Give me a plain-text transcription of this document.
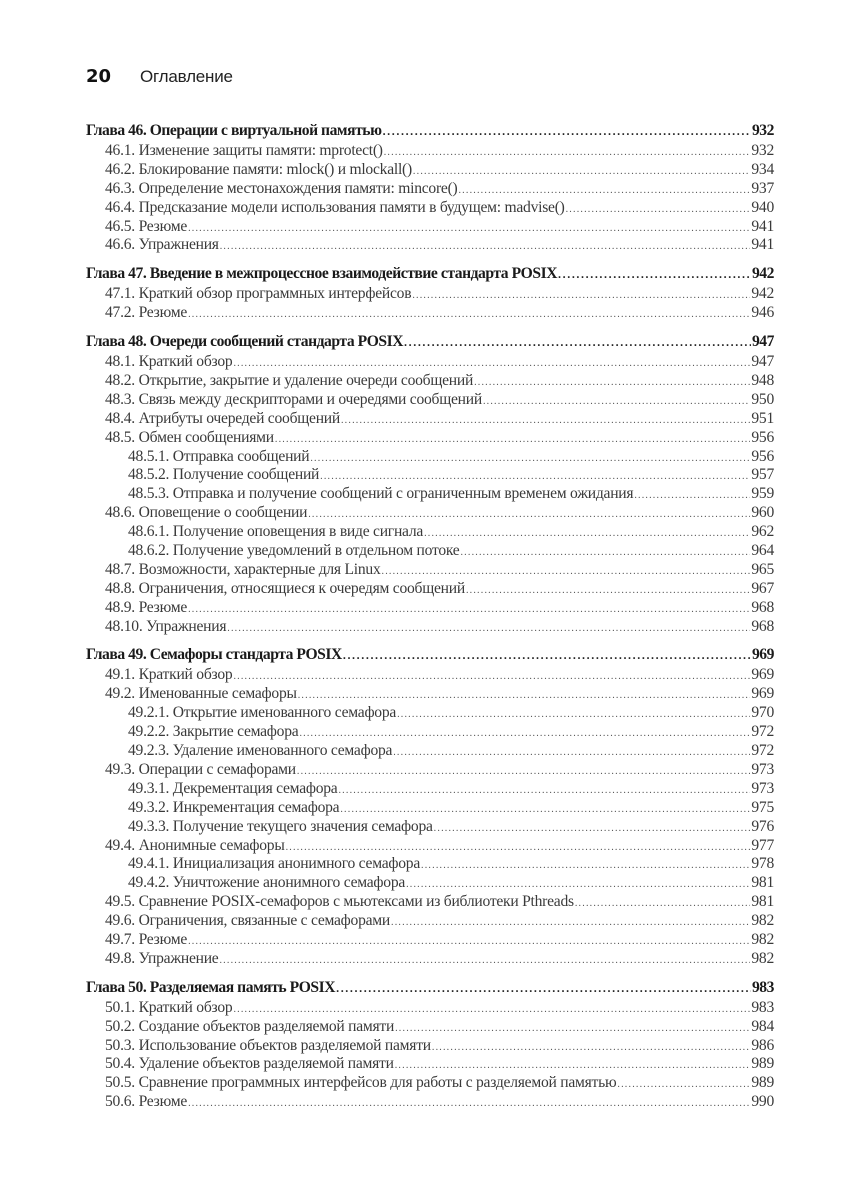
20	Оглавление
Глава 46. Операции с виртуальной памятью .....	932
46.1. Изменение защиты памяти: mprotect() .....	932
46.2. Блокирование памяти: mlock() и mlockall() .....	934
46.3. Определение местонахождения памяти: mincore() .....	937
46.4. Предсказание модели использования памяти в будущем: madvise() .....	940
46.5. Резюме .....	941
46.6. Упражнения .....	941
Глава 47. Введение в межпроцессное взаимодействие стандарта POSIX .....	942
47.1. Краткий обзор программных интерфейсов .....	942
47.2. Резюме .....	946
Глава 48. Очереди сообщений стандарта POSIX .....	947
48.1. Краткий обзор .....	947
48.2. Открытие, закрытие и удаление очереди сообщений .....	948
48.3. Связь между дескрипторами и очередями сообщений .....	950
48.4. Атрибуты очередей сообщений .....	951
48.5. Обмен сообщениями .....	956
48.5.1. Отправка сообщений .....	956
48.5.2. Получение сообщений .....	957
48.5.3. Отправка и получение сообщений с ограниченным временем ожидания .....	959
48.6. Оповещение о сообщении .....	960
48.6.1. Получение оповещения в виде сигнала .....	962
48.6.2. Получение уведомлений в отдельном потоке .....	964
48.7. Возможности, характерные для Linux .....	965
48.8. Ограничения, относящиеся к очередям сообщений .....	967
48.9. Резюме .....	968
48.10. Упражнения .....	968
Глава 49. Семафоры стандарта POSIX .....	969
49.1. Краткий обзор .....	969
49.2. Именованные семафоры .....	969
49.2.1. Открытие именованного семафора .....	970
49.2.2. Закрытие семафора .....	972
49.2.3. Удаление именованного семафора .....	972
49.3. Операции с семафорами .....	973
49.3.1. Декрементация семафора .....	973
49.3.2. Инкрементация семафора .....	975
49.3.3. Получение текущего значения семафора .....	976
49.4. Анонимные семафоры .....	977
49.4.1. Инициализация анонимного семафора .....	978
49.4.2. Уничтожение анонимного семафора .....	981
49.5. Сравнение POSIX-семафоров с мьютексами из библиотеки Pthreads .....	981
49.6. Ограничения, связанные с семафорами .....	982
49.7. Резюме .....	982
49.8. Упражнение .....	982
Глава 50. Разделяемая память POSIX .....	983
50.1. Краткий обзор .....	983
50.2. Создание объектов разделяемой памяти .....	984
50.3. Использование объектов разделяемой памяти .....	986
50.4. Удаление объектов разделяемой памяти .....	989
50.5. Сравнение программных интерфейсов для работы с разделяемой памятью .....	989
50.6. Резюме .....	990
